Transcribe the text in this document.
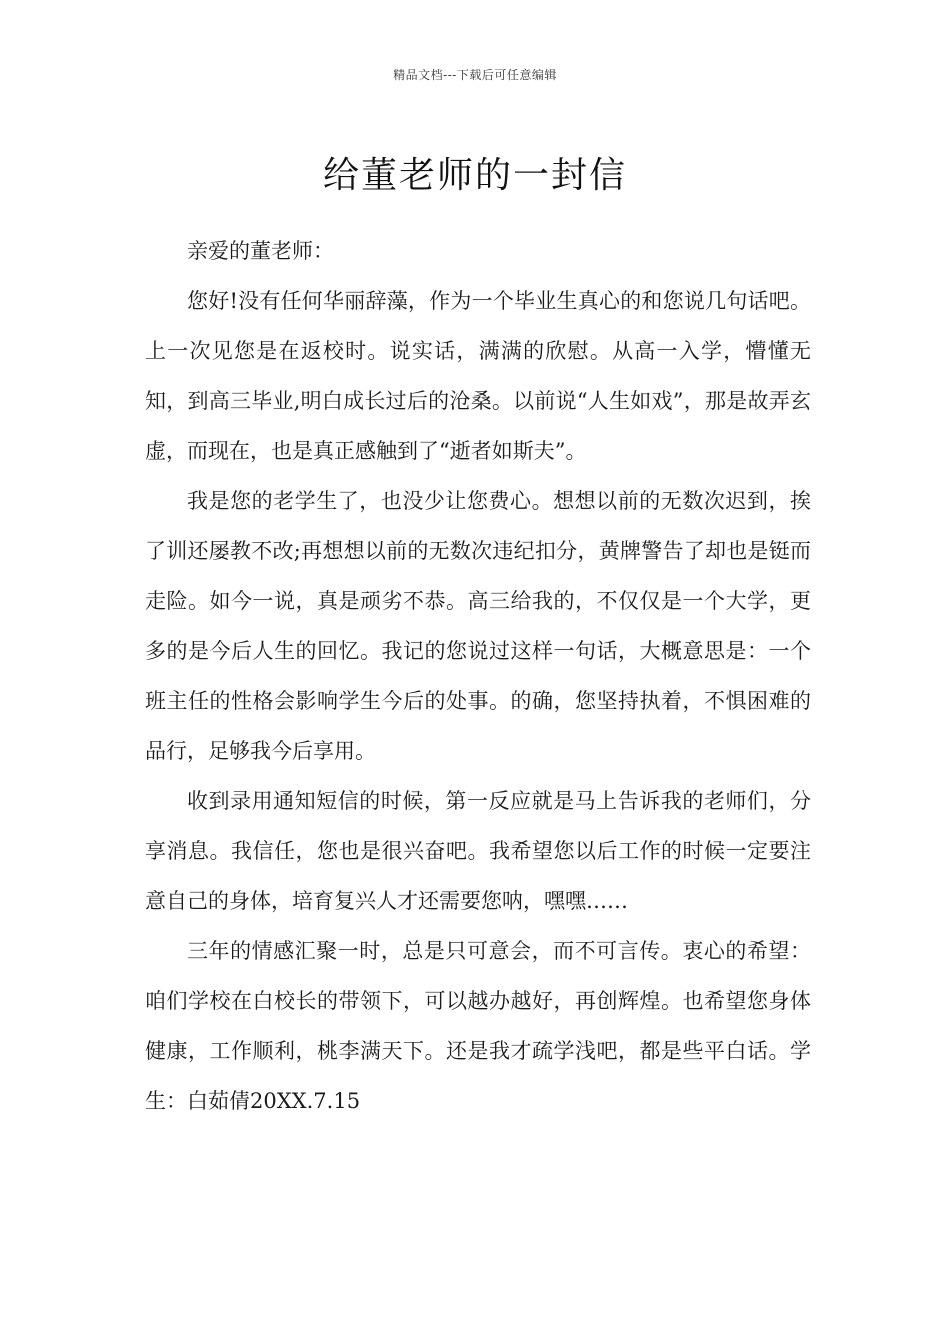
精品文档---下载后可任意编辑
给董老师的一封信

亲爱的董老师：

您好!没有任何华丽辞藻，作为一个毕业生真心的和您说几句话吧。上一次见您是在返校时。说实话，满满的欣慰。从高一入学，懵懂无知，到高三毕业,明白成长过后的沧桑。以前说“人生如戏”，那是故弄玄虚，而现在，也是真正感触到了“逝者如斯夫”。

我是您的老学生了，也没少让您费心。想想以前的无数次迟到，挨了训还屡教不改;再想想以前的无数次违纪扣分，黄牌警告了却也是铤而走险。如今一说，真是顽劣不恭。高三给我的，不仅仅是一个大学，更多的是今后人生的回忆。我记的您说过这样一句话，大概意思是：一个班主任的性格会影响学生今后的处事。的确，您坚持执着，不惧困难的品行，足够我今后享用。

收到录用通知短信的时候，第一反应就是马上告诉我的老师们，分享消息。我信任，您也是很兴奋吧。我希望您以后工作的时候一定要注意自己的身体，培育复兴人才还需要您呐，嘿嘿……

三年的情感汇聚一时，总是只可意会，而不可言传。衷心的希望：咱们学校在白校长的带领下，可以越办越好，再创辉煌。也希望您身体健康，工作顺利，桃李满天下。还是我才疏学浅吧，都是些平白话。学生：白茹倩20XX.7.15
